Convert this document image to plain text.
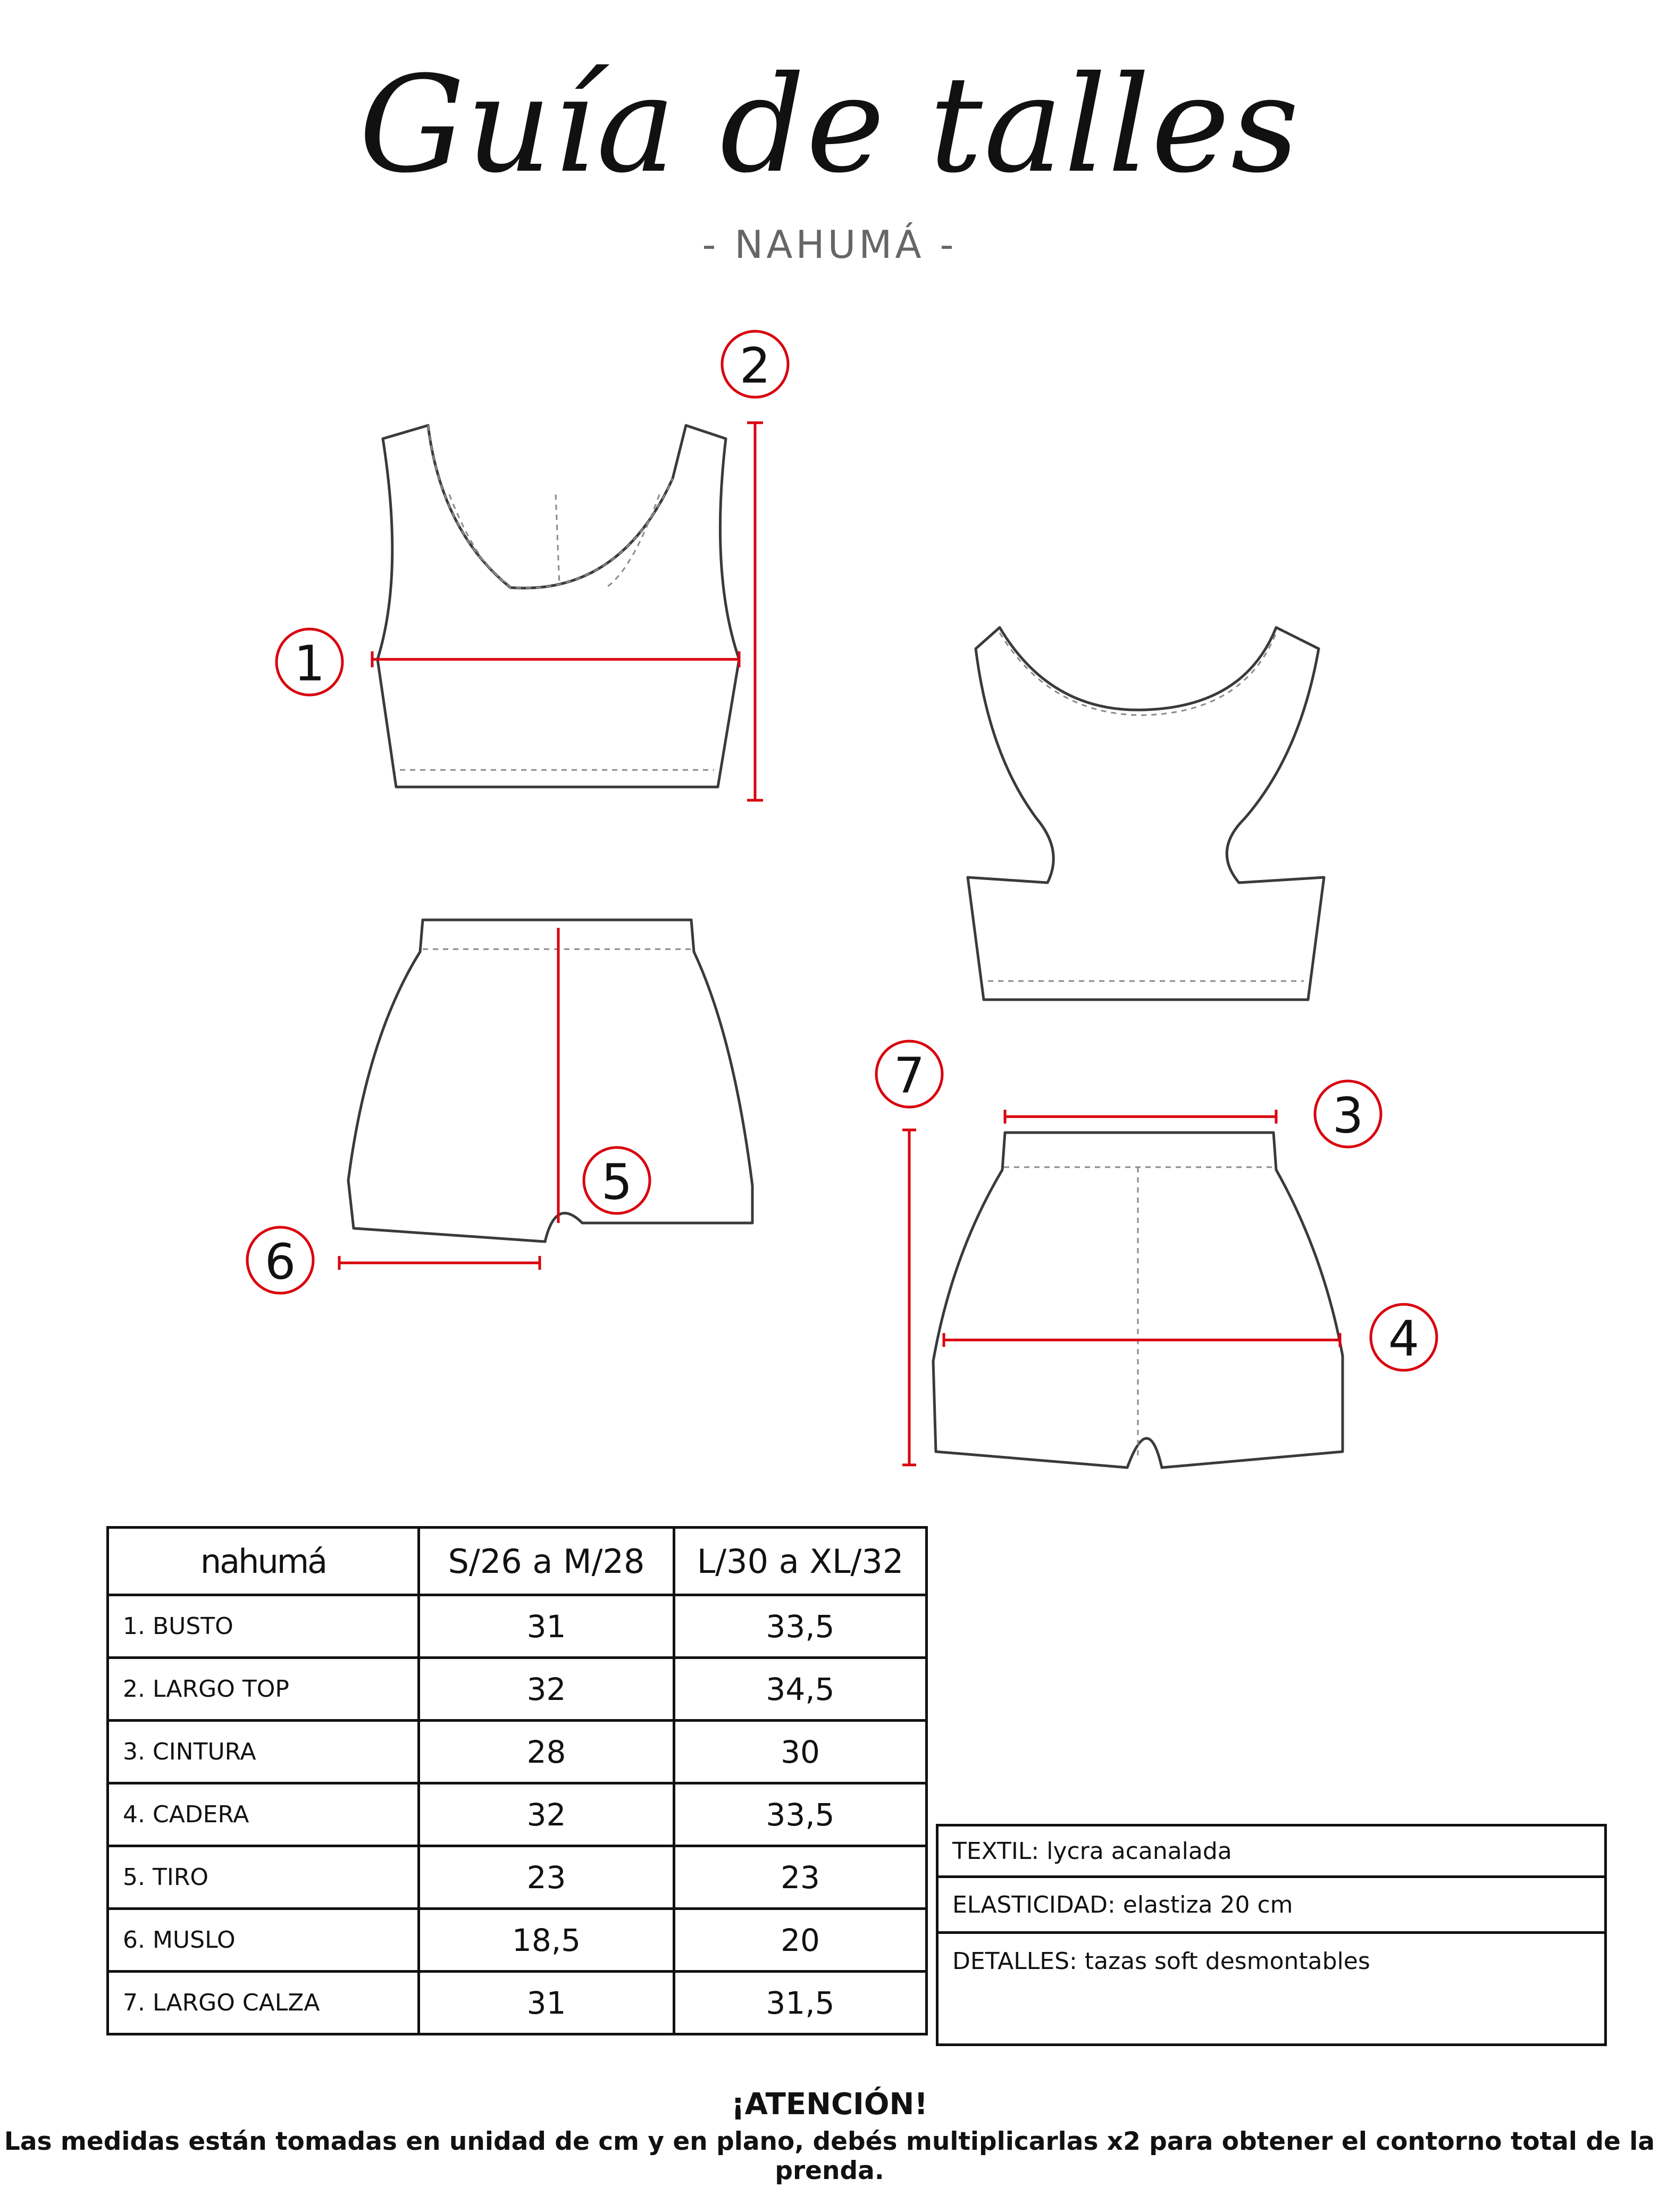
Guía de talles
- NAHUMÁ -
1
2
3
4
5
6
7
nahumá	S/26 a M/28	L/30 a XL/32
1. BUSTO	31	33,5
2. LARGO TOP	32	34,5
3. CINTURA	28	30
4. CADERA	32	33,5
5. TIRO	23	23
6. MUSLO	18,5	20
7. LARGO CALZA	31	31,5
TEXTIL: lycra acanalada
ELASTICIDAD: elastiza 20 cm
DETALLES: tazas soft desmontables
¡ATENCIÓN!
Las medidas están tomadas en unidad de cm y en plano, debés multiplicarlas x2 para obtener el contorno total de la prenda.
